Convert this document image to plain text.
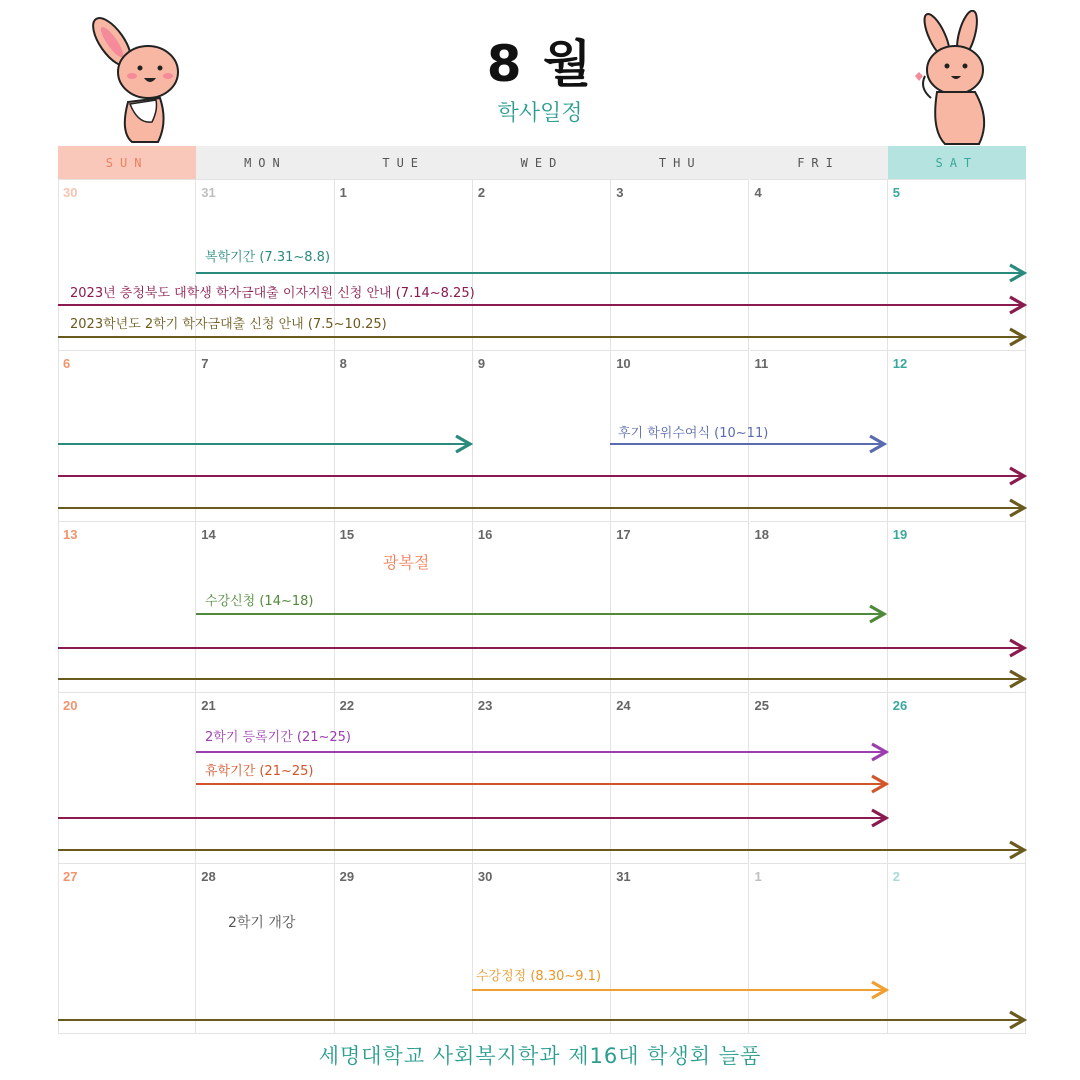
8 월
학사일정
SUN	MON	TUE	WED	THU	FRI	SAT
30	31	1	2	3	4	5
6	7	8	9	10	11	12
13	14	15	16	17	18	19
20	21	22	23	24	25	26
27	28	29	30	31	1	2
복학기간 (7.31~8.8)
2023년 충청북도 대학생 학자금대출 이자지원 신청 안내 (7.14~8.25)
2023학년도 2학기 학자금대출 신청 안내 (7.5~10.25)
후기 학위수여식 (10~11)
수강신청 (14~18)
2학기 등록기간 (21~25)
휴학기간 (21~25)
수강정정 (8.30~9.1)
광복절
2학기 개강
세명대학교 사회복지학과 제16대 학생회 늘품
